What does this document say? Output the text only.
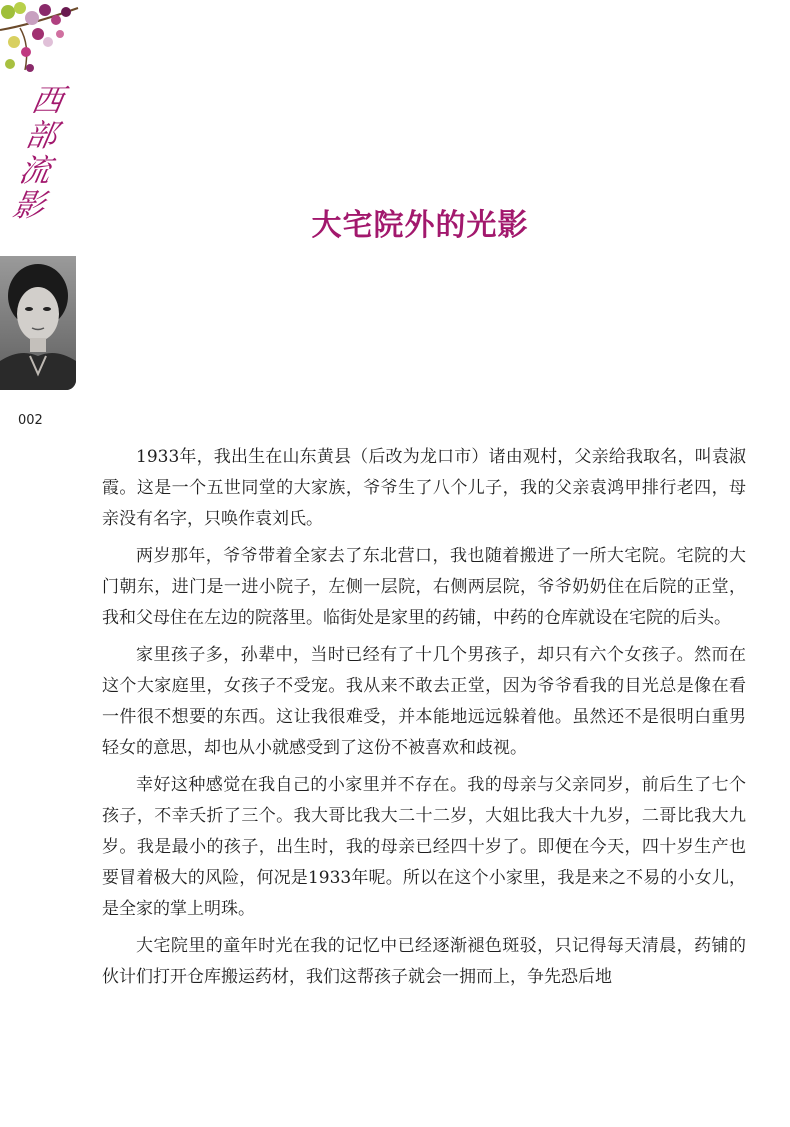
西
部
流
影
002
大宅院外的光影

1933年，我出生在山东黄县（后改为龙口市）诸由观村，父亲给我取名，叫袁淑霞。这是一个五世同堂的大家族，爷爷生了八个儿子，我的父亲袁鸿甲排行老四，母亲没有名字，只唤作袁刘氏。

两岁那年，爷爷带着全家去了东北营口，我也随着搬进了一所大宅院。宅院的大门朝东，进门是一进小院子，左侧一层院，右侧两层院，爷爷奶奶住在后院的正堂，我和父母住在左边的院落里。临街处是家里的药铺，中药的仓库就设在宅院的后头。

家里孩子多，孙辈中，当时已经有了十几个男孩子，却只有六个女孩子。然而在这个大家庭里，女孩子不受宠。我从来不敢去正堂，因为爷爷看我的目光总是像在看一件很不想要的东西。这让我很难受，并本能地远远躲着他。虽然还不是很明白重男轻女的意思，却也从小就感受到了这份不被喜欢和歧视。

幸好这种感觉在我自己的小家里并不存在。我的母亲与父亲同岁，前后生了七个孩子，不幸夭折了三个。我大哥比我大二十二岁，大姐比我大十九岁，二哥比我大九岁。我是最小的孩子，出生时，我的母亲已经四十岁了。即便在今天，四十岁生产也要冒着极大的风险，何况是1933年呢。所以在这个小家里，我是来之不易的小女儿，是全家的掌上明珠。

大宅院里的童年时光在我的记忆中已经逐渐褪色斑驳，只记得每天清晨，药铺的伙计们打开仓库搬运药材，我们这帮孩子就会一拥而上，争先恐后地
